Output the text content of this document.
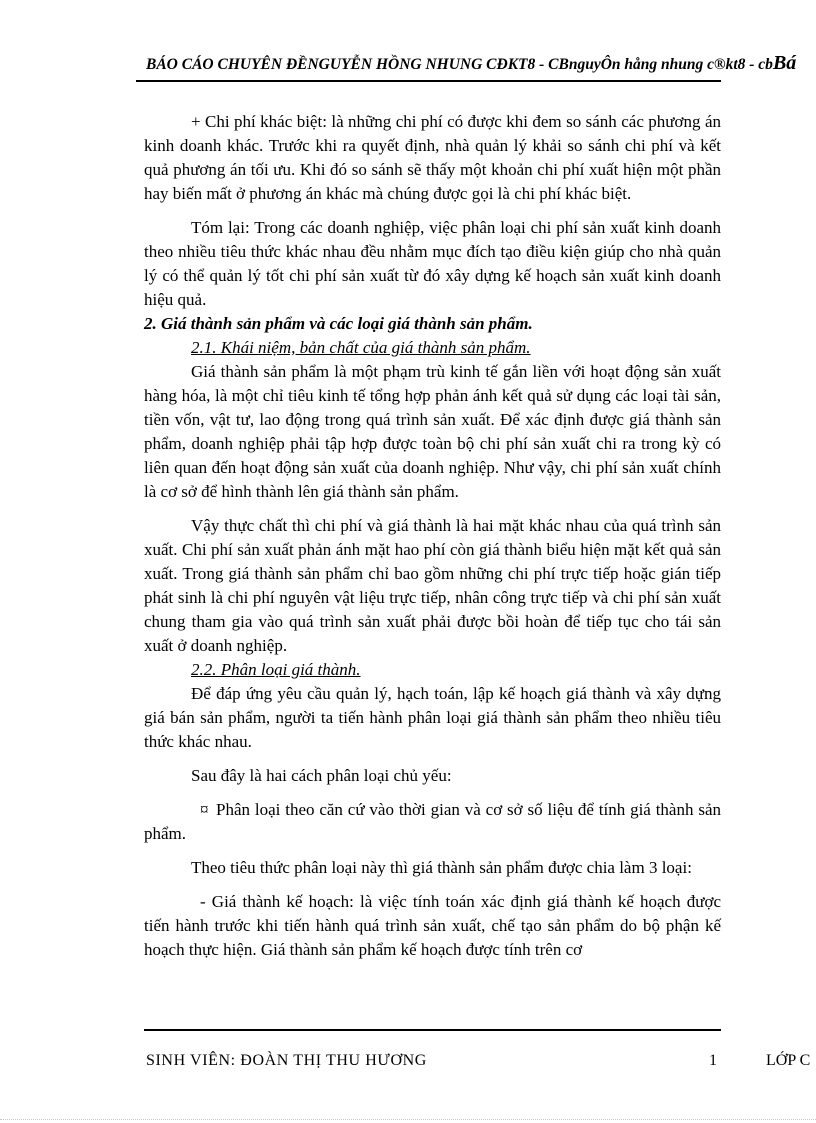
BÁO CÁO CHUYÊN ĐỀNGUYỄN HỒNG NHUNG CĐKT8 - CBnguyÔn hång nhung c®kt8 - cbBá

+ Chi phí khác biệt: là những chi phí có được khi đem so sánh các phương án kinh doanh khác. Trước khi ra quyết định, nhà quản lý khải so sánh chi phí và kết quả phương án tối ưu. Khi đó so sánh sẽ thấy một khoản chi phí xuất hiện một phần hay biến mất ở phương án khác mà chúng được gọi là chi phí khác biệt.

Tóm lại: Trong các doanh nghiệp, việc phân loại chi phí sản xuất kinh doanh theo nhiều tiêu thức khác nhau đều nhằm mục đích tạo điều kiện giúp cho nhà quản lý có thể quản lý tốt chi phí sản xuất từ đó xây dựng kế hoạch sản xuất kinh doanh hiệu quả.

2. Giá thành sản phẩm và các loại giá thành sản phẩm.

2.1. Khái niệm, bản chất của giá thành sản phẩm.

Giá thành sản phẩm là một phạm trù kinh tế gắn liền với hoạt động sản xuất hàng hóa, là một chỉ tiêu kinh tế tổng hợp phản ánh kết quả sử dụng các loại tài sản, tiền vốn, vật tư, lao động trong quá trình sản xuất. Để xác định được giá thành sản phẩm, doanh nghiệp phải tập hợp được toàn bộ chi phí sản xuất chi ra trong kỳ có liên quan đến hoạt động sản xuất của doanh nghiệp. Như vậy, chi phí sản xuất chính là cơ sở để hình thành lên giá thành sản phẩm.

Vậy thực chất thì chi phí và giá thành là hai mặt khác nhau của quá trình sản xuất. Chi phí sản xuất phản ánh mặt hao phí còn giá thành biểu hiện mặt kết quả sản xuất. Trong giá thành sản phẩm chỉ bao gồm những chi phí trực tiếp hoặc gián tiếp phát sinh là chi phí nguyên vật liệu trực tiếp, nhân công trực tiếp và chi phí sản xuất chung tham gia vào quá trình sản xuất phải được bồi hoàn để tiếp tục cho tái sản xuất ở doanh nghiệp.

2.2. Phân loại giá thành.

Để đáp ứng yêu cầu quản lý, hạch toán, lập kế hoạch giá thành và xây dựng giá bán sản phẩm, người ta tiến hành phân loại giá thành sản phẩm theo nhiều tiêu thức khác nhau.

Sau đây là hai cách phân loại chủ yếu:

¤ Phân loại theo căn cứ vào thời gian và cơ sở số liệu để tính giá thành sản phẩm.

Theo tiêu thức phân loại này thì giá thành sản phẩm được chia làm 3 loại:

- Giá thành kế hoạch: là việc tính toán xác định giá thành kế hoạch được tiến hành trước khi tiến hành quá trình sản xuất, chế tạo sản phẩm do bộ phận kế hoạch thực hiện. Giá thành sản phẩm kế hoạch được tính trên cơ

SINH VIÊN: ĐOÀN THỊ THU HƯƠNG	1	LỚP C
